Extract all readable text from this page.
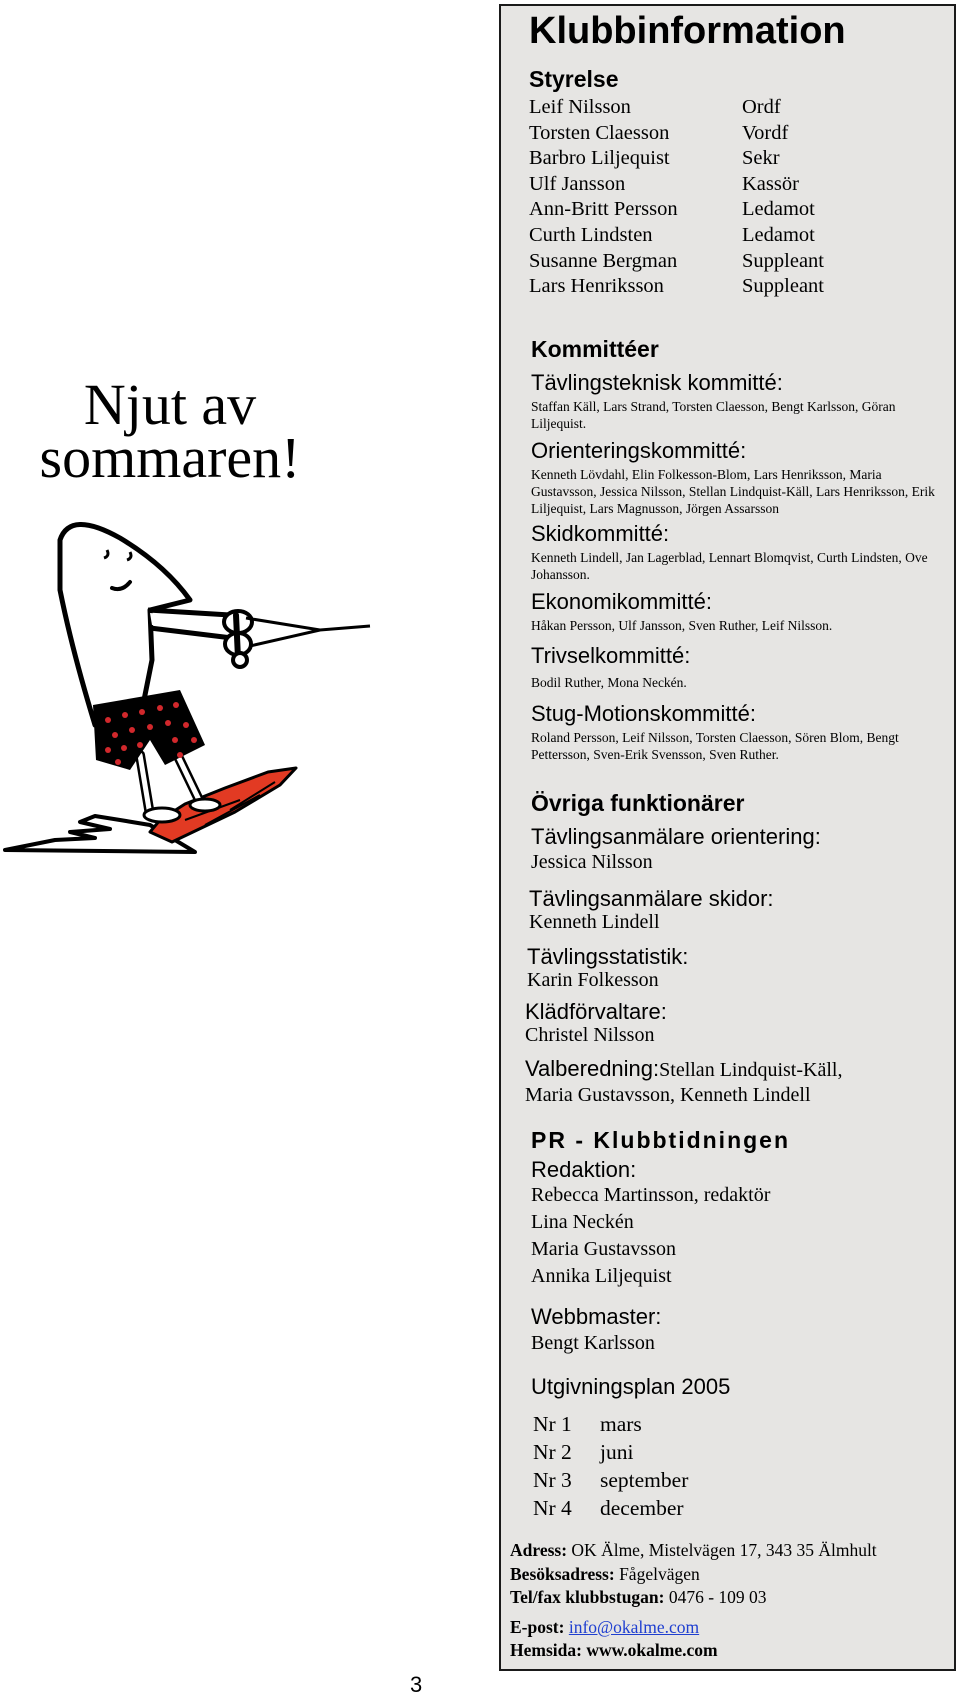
Njut av
sommaren!
Klubbinformation
Styrelse
Leif Nilsson	Ordf
Torsten Claesson	Vordf
Barbro Liljequist	Sekr
Ulf Jansson	Kassör
Ann-Britt Persson	Ledamot
Curth Lindsten	Ledamot
Susanne Bergman	Suppleant
Lars Henriksson	Suppleant
Kommittéer
Tävlingsteknisk kommitté:
Staffan Käll, Lars Strand, Torsten Claesson, Bengt Karlsson, Göran Liljequist.
Orienteringskommitté:
Kenneth Lövdahl, Elin Folkesson-Blom, Lars Henriksson, Maria Gustavsson, Jessica Nilsson, Stellan Lindquist-Käll, Lars Henriksson, Erik Liljequist, Lars Magnusson, Jörgen Assarsson
Skidkommitté:
Kenneth Lindell, Jan Lagerblad, Lennart Blomqvist, Curth Lindsten, Ove Johansson.
Ekonomikommitté:
Håkan Persson, Ulf Jansson, Sven Ruther, Leif Nilsson.
Trivselkommitté:
Bodil Ruther, Mona Neckén.
Stug-Motionskommitté:
Roland Persson, Leif Nilsson, Torsten Claesson, Sören Blom, Bengt Pettersson, Sven-Erik Svensson, Sven Ruther.
Övriga funktionärer
Tävlingsanmälare orientering:
Jessica Nilsson
Tävlingsanmälare skidor:
Kenneth Lindell
Tävlingsstatistik:
Karin Folkesson
Klädförvaltare:
Christel Nilsson
Valberedning:Stellan Lindquist-Käll,
Maria Gustavsson, Kenneth Lindell
PR - Klubbtidningen
Redaktion:
Rebecca Martinsson, redaktör
Lina Neckén
Maria Gustavsson
Annika Liljequist
Webbmaster:
Bengt Karlsson
Utgivningsplan 2005
Nr 1 mars
Nr 2 juni
Nr 3 september
Nr 4 december
Adress: OK Älme, Mistelvägen 17, 343 35 Älmhult
Besöksadress: Fågelvägen
Tel/fax klubbstugan: 0476 - 109 03
E-post: info@okalme.com
Hemsida: www.okalme.com
3
